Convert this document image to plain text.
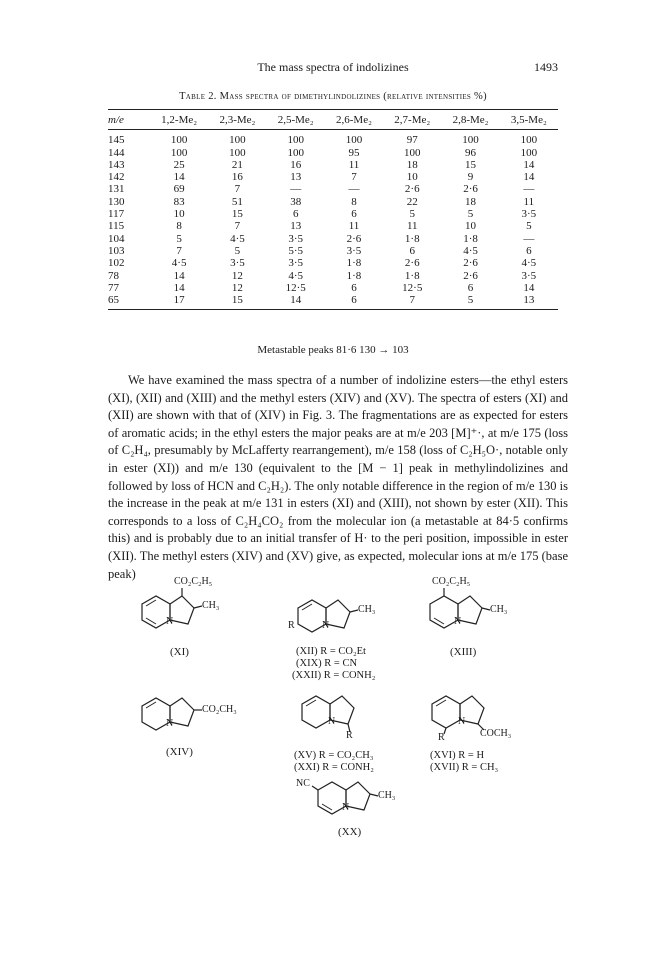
The mass spectra of indolizines	1493
Table 2. Mass spectra of dimethylindolizines (relative intensities %)
m/e	1,2-Me₂	2,3-Me₂	2,5-Me₂	2,6-Me₂	2,7-Me₂	2,8-Me₂	3,5-Me₂
145	100	100	100	100	97	100	100
144	100	100	100	95	100	96	100
143	25	21	16	11	18	15	14
142	14	16	13	7	10	9	14
131	69	7	—	—	2·6	2·6	—
130	83	51	38	8	22	18	11
117	10	15	6	6	5	5	3·5
115	8	7	13	11	11	10	5
104	5	4·5	3·5	2·6	1·8	1·8	—
103	7	5	5·5	3·5	6	4·5	6
102	4·5	3·5	3·5	1·8	2·6	2·6	4·5
78	14	12	4·5	1·8	1·8	2·6	3·5
77	14	12	12·5	6	12·5	6	14
65	17	15	14	6	7	5	13
Metastable peaks 81·6 130 → 103

We have examined the mass spectra of a number of indolizine esters—the ethyl esters (XI), (XII) and (XIII) and the methyl esters (XIV) and (XV). The spectra of esters (XI) and (XII) are shown with that of (XIV) in Fig. 3. The fragmentations are as expected for esters of aromatic acids; in the ethyl esters the major peaks are at m/e 203 [M]⁺·, at m/e 175 (loss of C₂H₄, presumably by McLafferty rearrangement), m/e 158 (loss of C₂H₅O·, notable only in ester (XI)) and m/e 130 (equivalent to the [M − 1] peak in methylindolizines and followed by loss of HCN and C₂H₂). The only notable difference in the region of m/e 130 is the increase in the peak at m/e 131 in esters (XI) and (XIII), not shown by ester (XII). This corresponds to a loss of C₂H₄CO₂ from the molecular ion (a metastable at 84·5 confirms this) and is probably due to an initial transfer of H· to the peri position, impossible in ester (XII). The methyl esters (XIV) and (XV) give, as expected, molecular ions at m/e 175 (base peak)

CO₂C₂H₅
CH₃
N
(XI)
R
CH₃
N
(XII) R = CO₂Et
(XIX) R = CN
(XXII) R = CONH₂
CO₂C₂H₅
CH₃
N
(XIII)
CO₂CH₃
N
(XIV)
R
N
(XV) R = CO₂CH₃
(XXI) R = CONH₂
R	COCH₃
N
(XVI) R = H
(XVII) R = CH₃
NC
CH₃
N
(XX)
